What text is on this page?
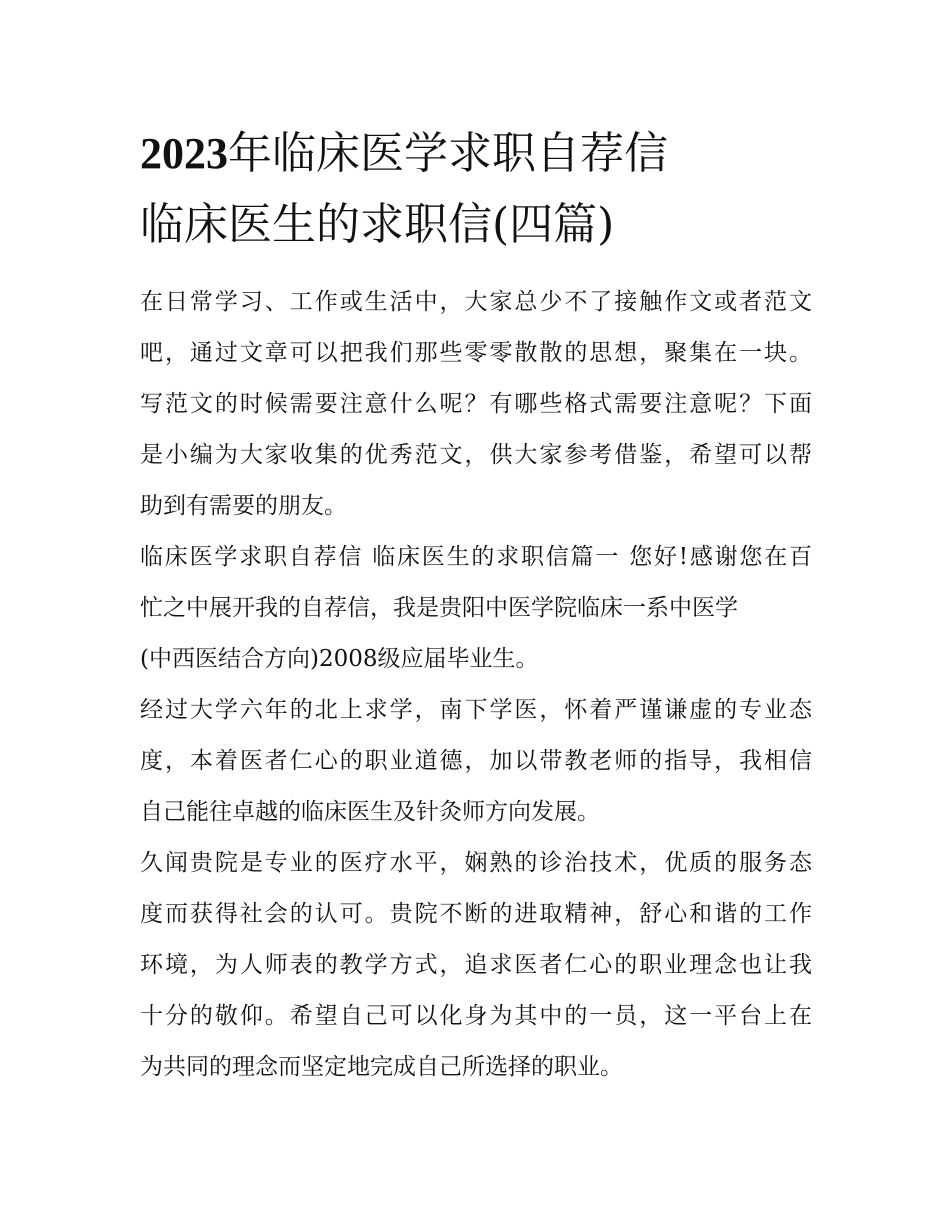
2023年临床医学求职自荐信
临床医生的求职信(四篇)

在日常学习、工作或生活中，大家总少不了接触作文或者范文
吧，通过文章可以把我们那些零零散散的思想，聚集在一块。
写范文的时候需要注意什么呢？有哪些格式需要注意呢？下面
是小编为大家收集的优秀范文，供大家参考借鉴，希望可以帮
助到有需要的朋友。

临床医学求职自荐信 临床医生的求职信篇一 您好!感谢您在百
忙之中展开我的自荐信，我是贵阳中医学院临床一系中医学
(中西医结合方向)2008级应届毕业生。

经过大学六年的北上求学，南下学医，怀着严谨谦虚的专业态
度，本着医者仁心的职业道德，加以带教老师的指导，我相信
自己能往卓越的临床医生及针灸师方向发展。

久闻贵院是专业的医疗水平，娴熟的诊治技术，优质的服务态
度而获得社会的认可。贵院不断的进取精神，舒心和谐的工作
环境，为人师表的教学方式，追求医者仁心的职业理念也让我
十分的敬仰。希望自己可以化身为其中的一员，这一平台上在
为共同的理念而坚定地完成自己所选择的职业。
